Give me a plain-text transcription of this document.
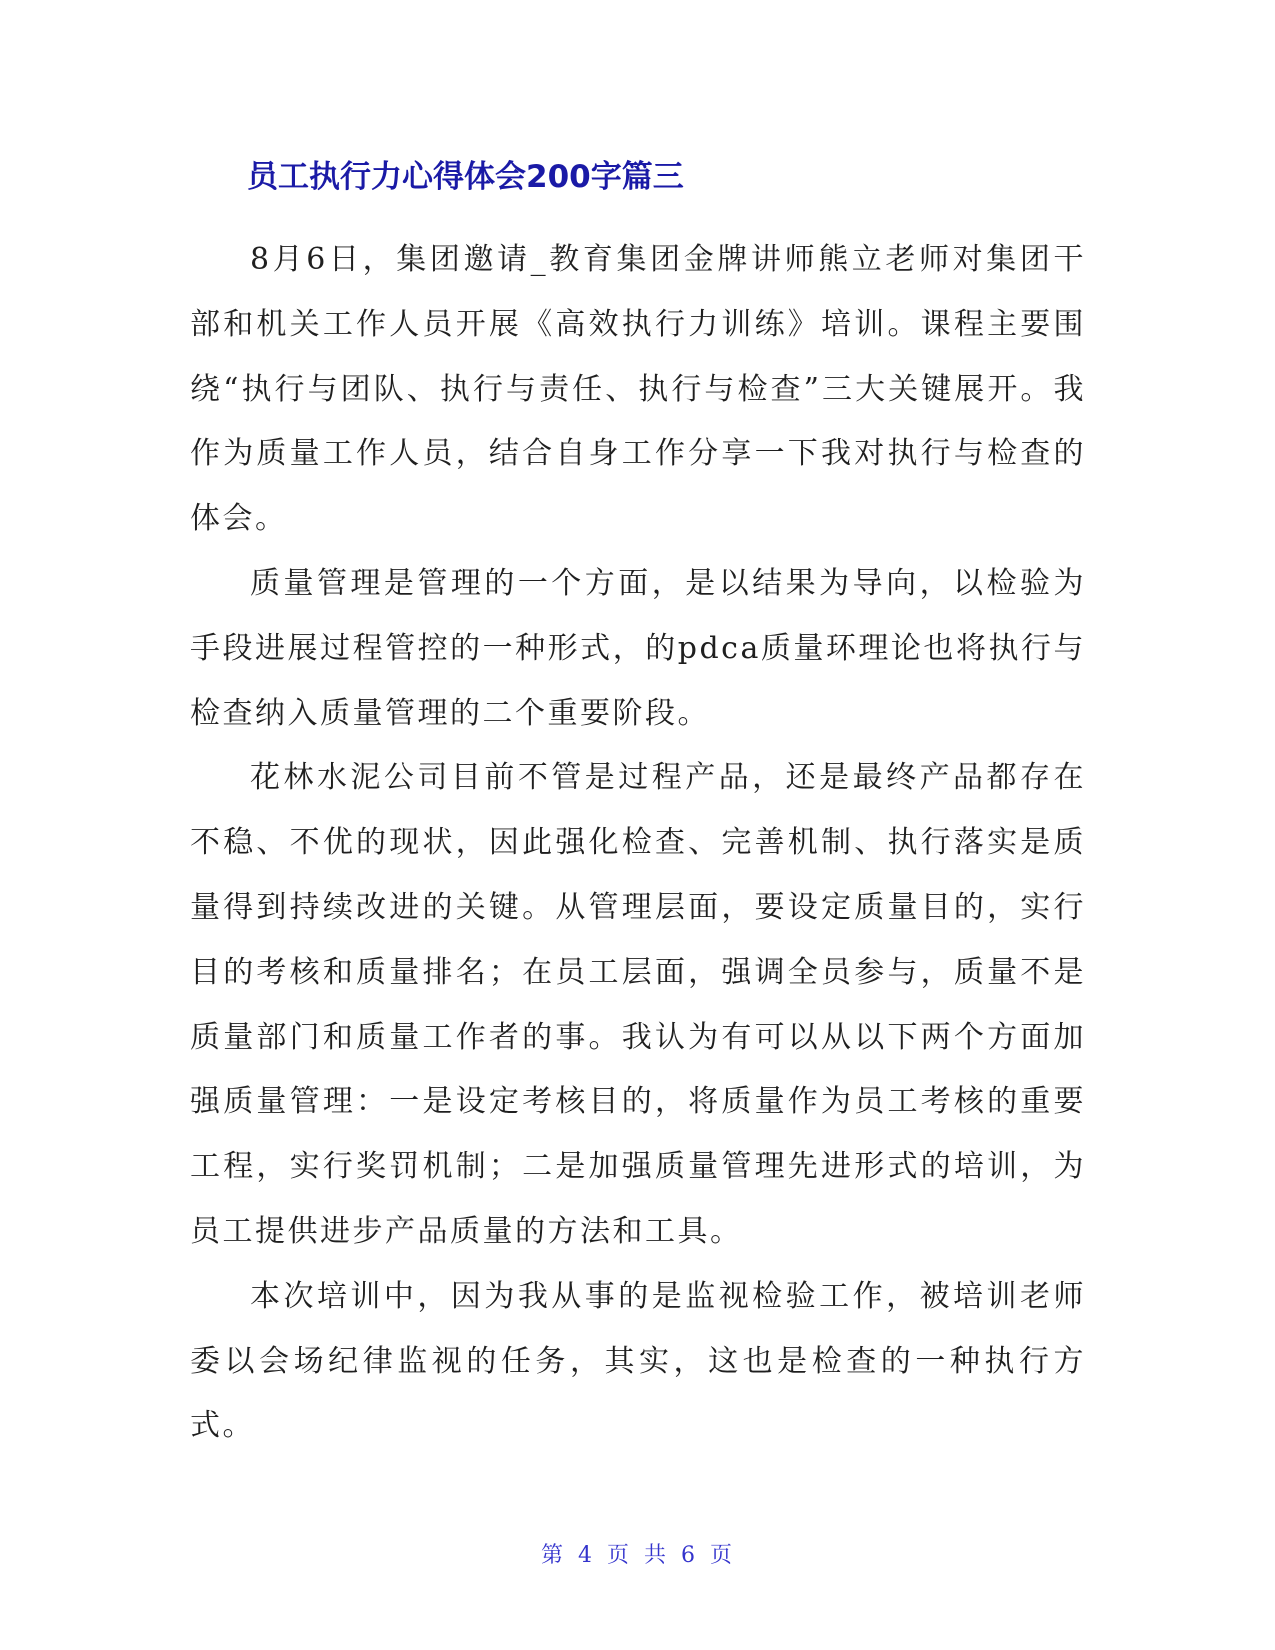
员工执行力心得体会200字篇三

8月6日，集团邀请_教育集团金牌讲师熊立老师对集团干部和机关工作人员开展《高效执行力训练》培训。课程主要围绕“执行与团队、执行与责任、执行与检查”三大关键展开。我作为质量工作人员，结合自身工作分享一下我对执行与检查的体会。

质量管理是管理的一个方面，是以结果为导向，以检验为手段进展过程管控的一种形式，的pdca质量环理论也将执行与检查纳入质量管理的二个重要阶段。

花林水泥公司目前不管是过程产品，还是最终产品都存在不稳、不优的现状，因此强化检查、完善机制、执行落实是质量得到持续改进的关键。从管理层面，要设定质量目的，实行目的考核和质量排名；在员工层面，强调全员参与，质量不是质量部门和质量工作者的事。我认为有可以从以下两个方面加强质量管理：一是设定考核目的，将质量作为员工考核的重要工程，实行奖罚机制；二是加强质量管理先进形式的培训，为员工提供进步产品质量的方法和工具。

本次培训中，因为我从事的是监视检验工作，被培训老师委以会场纪律监视的任务，其实，这也是检查的一种执行方式。

第 4 页 共 6 页
